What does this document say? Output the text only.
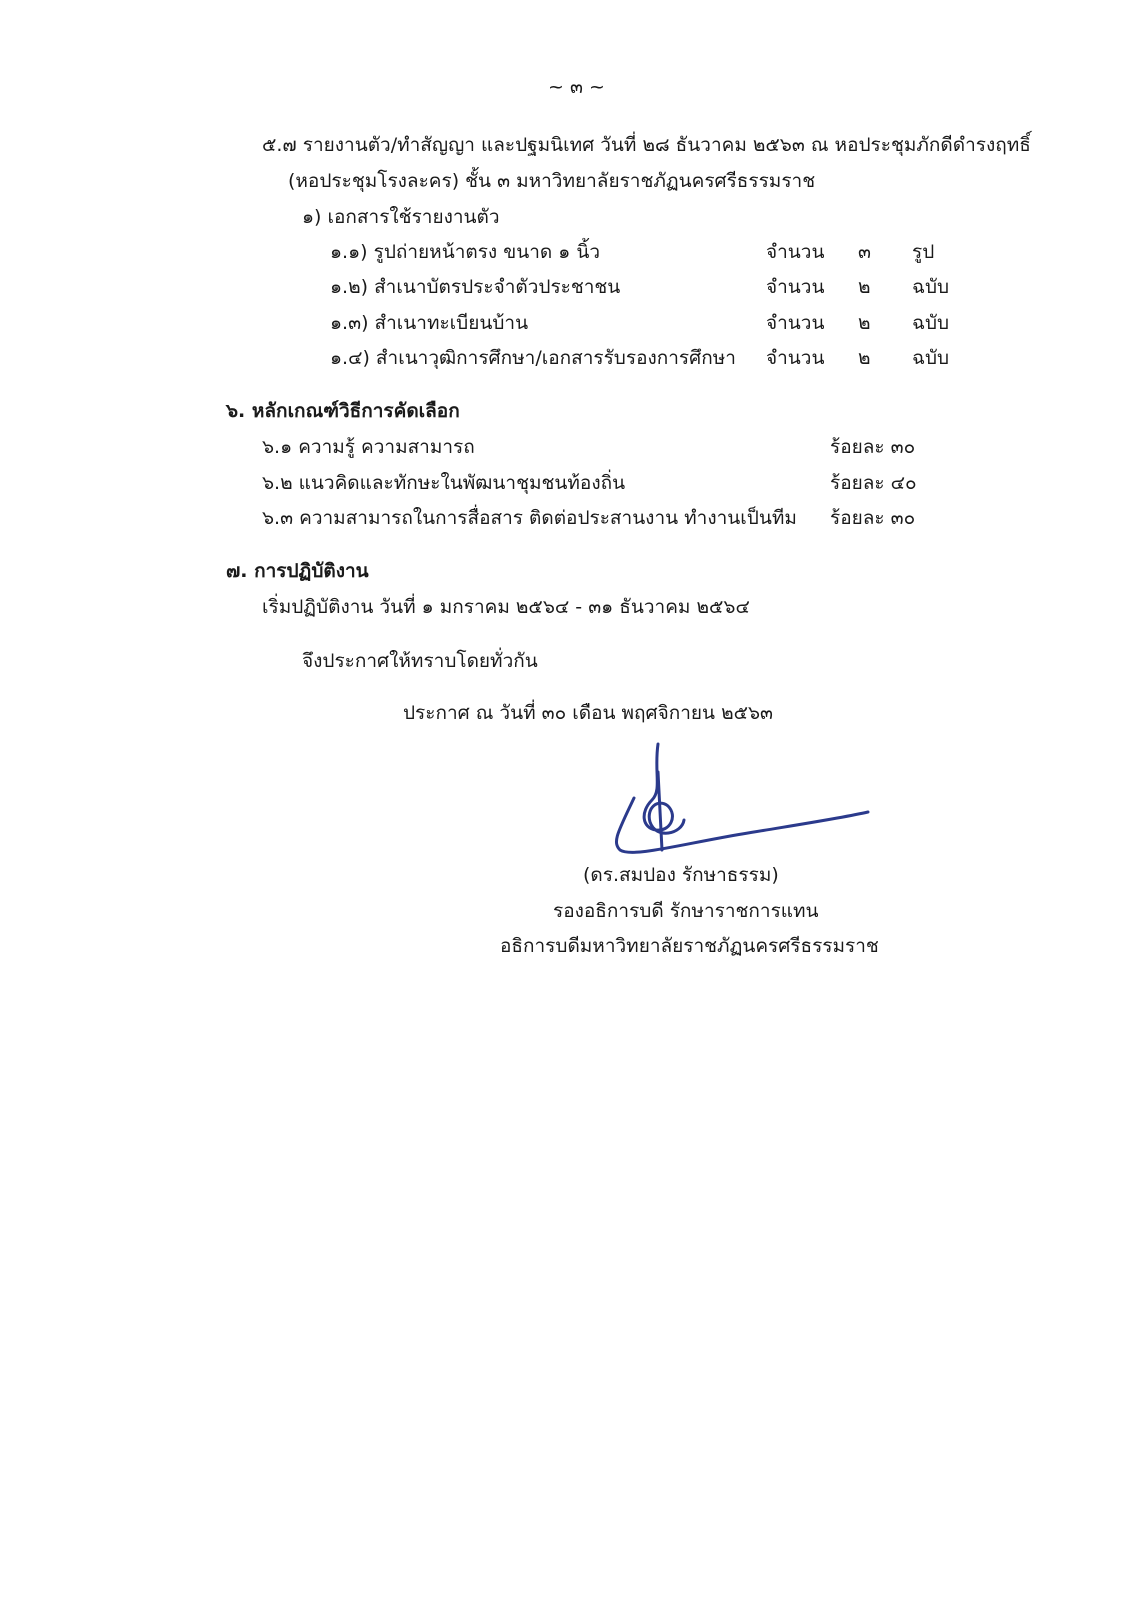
~ ๓ ~
๕.๗ รายงานตัว/ทำสัญญา และปฐมนิเทศ วันที่ ๒๘ ธันวาคม ๒๕๖๓ ณ หอประชุมภักดีดำรงฤทธิ์
(หอประชุมโรงละคร) ชั้น ๓ มหาวิทยาลัยราชภัฏนครศรีธรรมราช
๑) เอกสารใช้รายงานตัว
๑.๑) รูปถ่ายหน้าตรง ขนาด ๑ นิ้ว	จำนวน ๓ รูป
๑.๒) สำเนาบัตรประจำตัวประชาชน	จำนวน ๒ ฉบับ
๑.๓) สำเนาทะเบียนบ้าน	จำนวน ๒ ฉบับ
๑.๔) สำเนาวุฒิการศึกษา/เอกสารรับรองการศึกษา จำนวน ๒ ฉบับ
๖. หลักเกณฑ์วิธีการคัดเลือก
๖.๑ ความรู้ ความสามารถ	ร้อยละ ๓๐
๖.๒ แนวคิดและทักษะในพัฒนาชุมชนท้องถิ่น	ร้อยละ ๔๐
๖.๓ ความสามารถในการสื่อสาร ติดต่อประสานงาน ทำงานเป็นทีม ร้อยละ ๓๐
๗. การปฏิบัติงาน
เริ่มปฏิบัติงาน วันที่ ๑ มกราคม ๒๕๖๔ - ๓๑ ธันวาคม ๒๕๖๔
จึงประกาศให้ทราบโดยทั่วกัน
ประกาศ ณ วันที่ ๓๐ เดือน พฤศจิกายน ๒๕๖๓
(ดร.สมปอง รักษาธรรม)
รองอธิการบดี รักษาราชการแทน
อธิการบดีมหาวิทยาลัยราชภัฏนครศรีธรรมราช
